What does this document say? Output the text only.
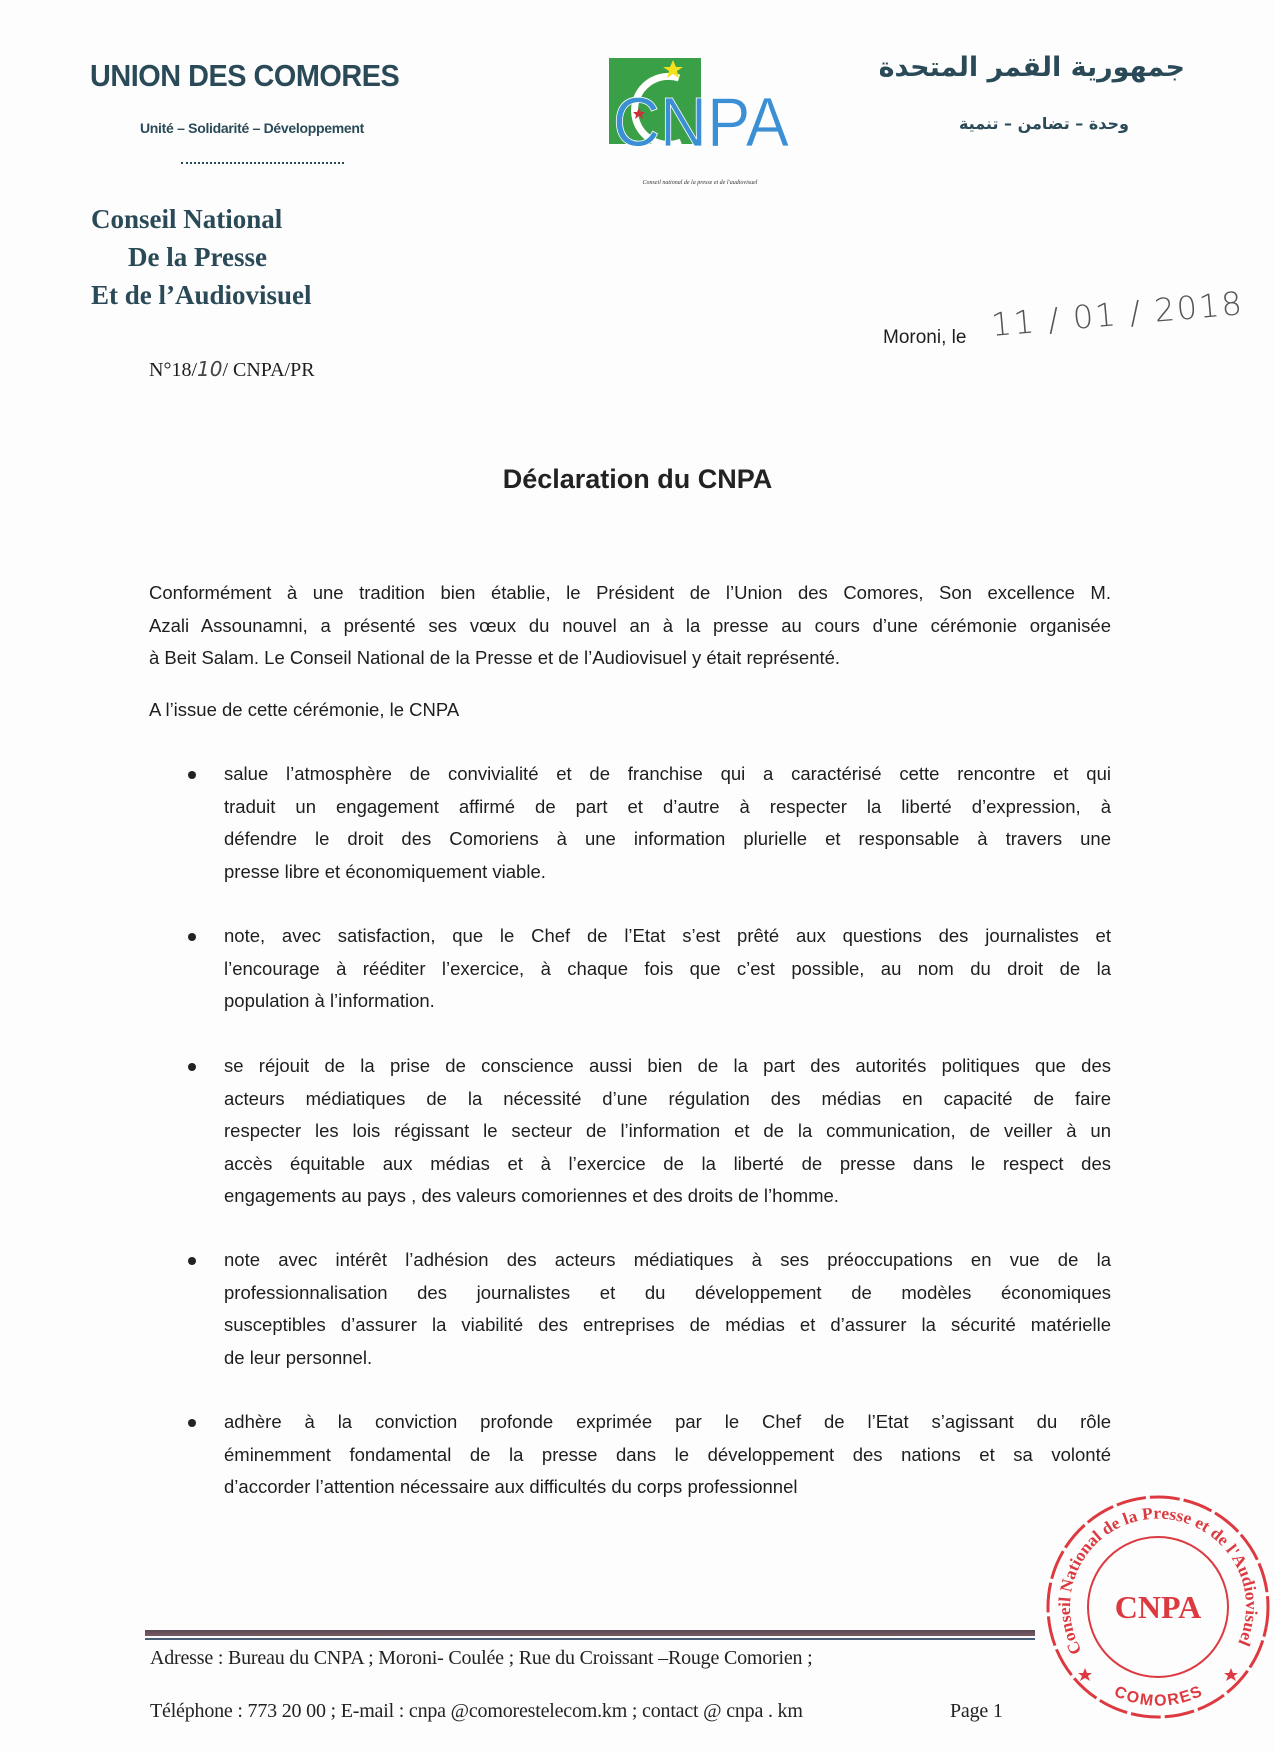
UNION DES COMORES
Unité – Solidarité – Développement
Conseil National
De la Presse
Et de l’Audiovisuel
CNPA
Conseil national de la presse et de l'audiovisuel
جمهورية القمر المتحدة
وحدة – تضامن – تنمية
N°18/10/ CNPA/PR
Moroni, le 11 / 01 / 2018
Déclaration du CNPA
Conformément à une tradition bien établie, le Président de l’Union des Comores, Son excellence M.
Azali Assounamni, a présenté ses vœux du nouvel an à la presse au cours d’une cérémonie organisée
à Beit Salam. Le Conseil National de la Presse et de l’Audiovisuel y était représenté.
A l’issue de cette cérémonie, le CNPA
salue l’atmosphère de convivialité et de franchise qui a caractérisé cette rencontre et qui
traduit un engagement affirmé de part et d’autre à respecter la liberté d’expression, à
défendre le droit des Comoriens à une information plurielle et responsable à travers une
presse libre et économiquement viable.
note, avec satisfaction, que le Chef de l’Etat s’est prêté aux questions des journalistes et
l’encourage à rééditer l’exercice, à chaque fois que c’est possible, au nom du droit de la
population à l’information.
se réjouit de la prise de conscience aussi bien de la part des autorités politiques que des
acteurs médiatiques de la nécessité d’une régulation des médias en capacité de faire
respecter les lois régissant le secteur de l’information et de la communication, de veiller à un
accès équitable aux médias et à l’exercice de la liberté de presse dans le respect des
engagements au pays , des valeurs comoriennes et des droits de l’homme.
note avec intérêt l’adhésion des acteurs médiatiques à ses préoccupations en vue de la
professionnalisation des journalistes et du développement de modèles économiques
susceptibles d’assurer la viabilité des entreprises de médias et d’assurer la sécurité matérielle
de leur personnel.
adhère à la conviction profonde exprimée par le Chef de l’Etat s’agissant du rôle
éminemment fondamental de la presse dans le développement des nations et sa volonté
d’accorder l’attention nécessaire aux difficultés du corps professionnel
Adresse : Bureau du CNPA ; Moroni- Coulée ; Rue du Croissant –Rouge Comorien ;
Téléphone : 773 20 00 ; E-mail : cnpa @comorestelecom.km ; contact @ cnpa . km	Page 1
Conseil National de la Presse et de l'Audiovisuel
CNPA
COMORES
